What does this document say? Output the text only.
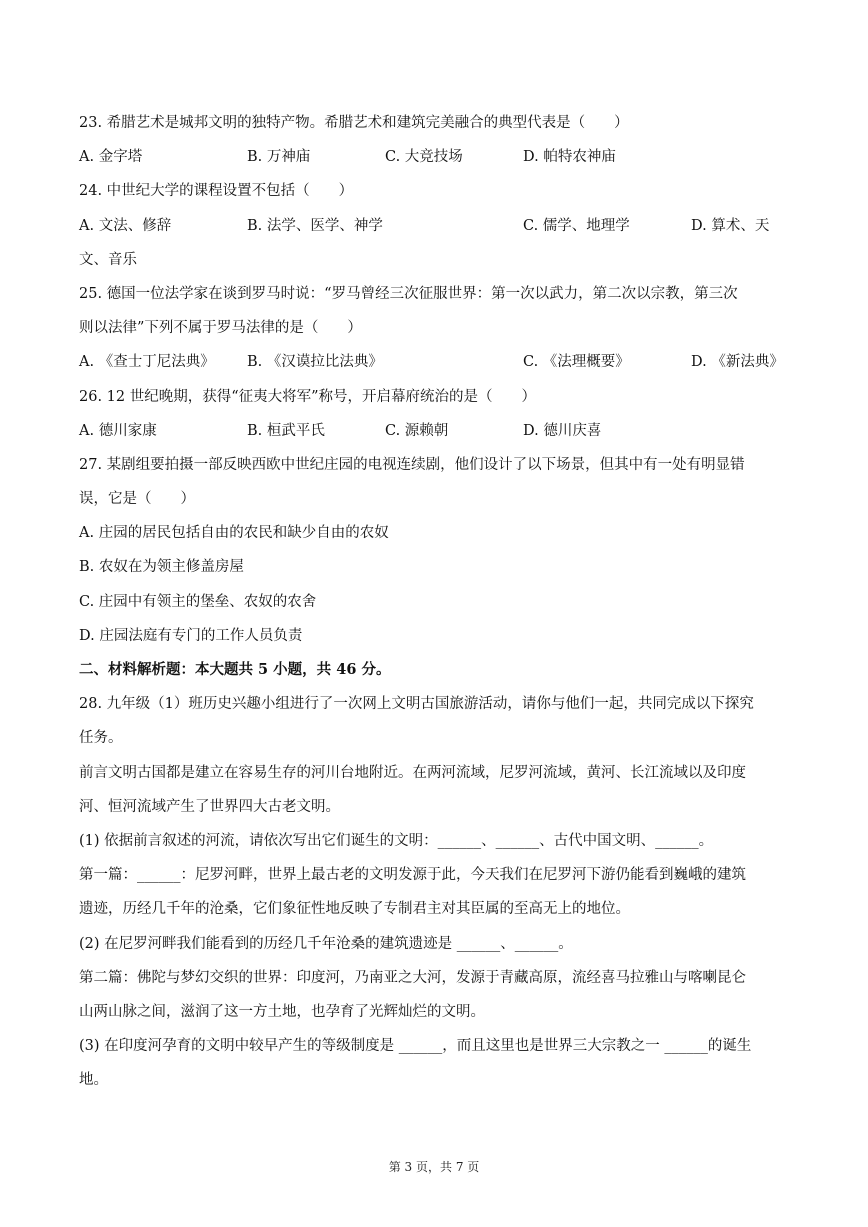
23. 希腊艺术是城邦文明的独特产物。希腊艺术和建筑完美融合的典型代表是（　　）
A. 金字塔	B. 万神庙	C. 大竞技场	D. 帕特农神庙
24. 中世纪大学的课程设置不包括（　　）
A. 文法、修辞	B. 法学、医学、神学	C. 儒学、地理学	D. 算术、天
文、音乐
25. 德国一位法学家在谈到罗马时说：“罗马曾经三次征服世界：第一次以武力，第二次以宗教，第三次
则以法律”下列不属于罗马法律的是（　　）
A. 《查士丁尼法典》 B. 《汉谟拉比法典》	C. 《法理概要》	D. 《新法典》
26. 12 世纪晚期，获得“征夷大将军”称号，开启幕府统治的是（　　）
A. 德川家康	B. 桓武平氏	C. 源赖朝	D. 德川庆喜
27. 某剧组要拍摄一部反映西欧中世纪庄园的电视连续剧，他们设计了以下场景，但其中有一处有明显错
误，它是（　　）
A. 庄园的居民包括自由的农民和缺少自由的农奴
B. 农奴在为领主修盖房屋
C. 庄园中有领主的堡垒、农奴的农舍
D. 庄园法庭有专门的工作人员负责
二、材料解析题：本大题共 5 小题，共 46 分。
28. 九年级（1）班历史兴趣小组进行了一次网上文明古国旅游活动，请你与他们一起，共同完成以下探究
任务。
前言文明古国都是建立在容易生存的河川台地附近。在两河流域，尼罗河流域，黄河、长江流域以及印度
河、恒河流域产生了世界四大古老文明。
(1) 依据前言叙述的河流，请依次写出它们诞生的文明：______、______、古代中国文明、______。
第一篇：______：尼罗河畔，世界上最古老的文明发源于此，今天我们在尼罗河下游仍能看到巍峨的建筑
遗迹，历经几千年的沧桑，它们象征性地反映了专制君主对其臣属的至高无上的地位。
(2) 在尼罗河畔我们能看到的历经几千年沧桑的建筑遗迹是 ______、______。
第二篇：佛陀与梦幻交织的世界：印度河，乃南亚之大河，发源于青藏高原，流经喜马拉雅山与喀喇昆仑
山两山脉之间，滋润了这一方土地，也孕育了光辉灿烂的文明。
(3) 在印度河孕育的文明中较早产生的等级制度是 ______，而且这里也是世界三大宗教之一 ______的诞生
地。
第 3 页，共 7 页
